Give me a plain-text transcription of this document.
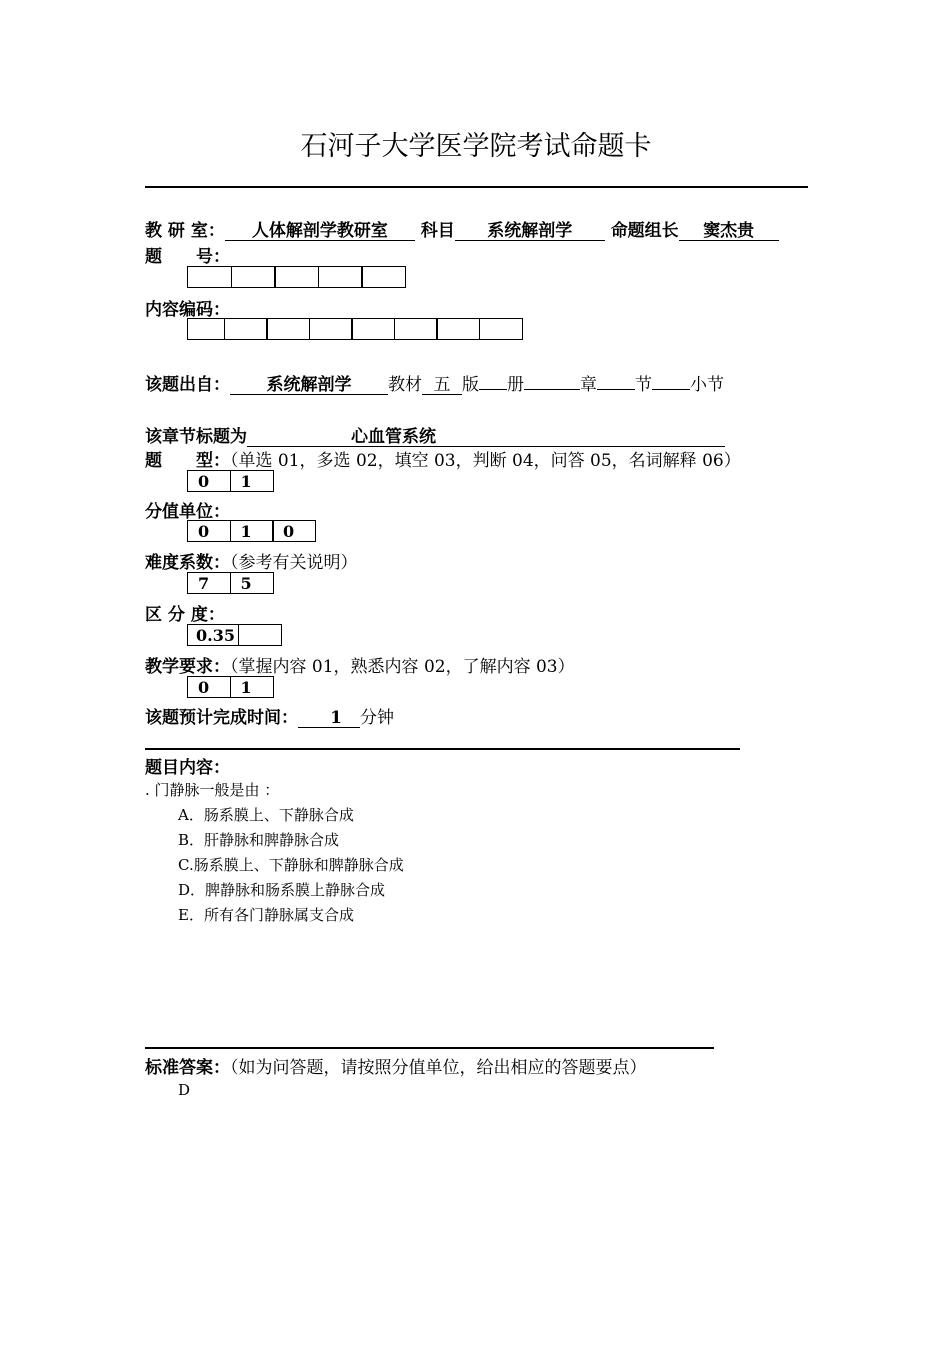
石河子大学医学院考试命题卡
教 研 室： 人体解剖学教研室 科目 系统解剖学 命题组长 窦杰贵
题　　号：
内容编码：
该题出自： 系统解剖学 教材 五 版 册	章 节 小节
该章节标题为	心血管系统
题　　型：（单选 01，多选 02，填空 03，判断 04，问答 05，名词解释 06）
0	1
分值单位：
0	1	0
难度系数：（参考有关说明）
7	5
区 分 度：
0.35
教学要求：（掌握内容 01，熟悉内容 02，了解内容 03）
0	1
该题预计完成时间： 1 分钟
题目内容：
. 门静脉一般是由 ：
A．肠系膜上、下静脉合成
B．肝静脉和脾静脉合成
C.肠系膜上、下静脉和脾静脉合成
D．脾静脉和肠系膜上静脉合成
E．所有各门静脉属支合成
标准答案：（如为问答题，请按照分值单位，给出相应的答题要点）
D
